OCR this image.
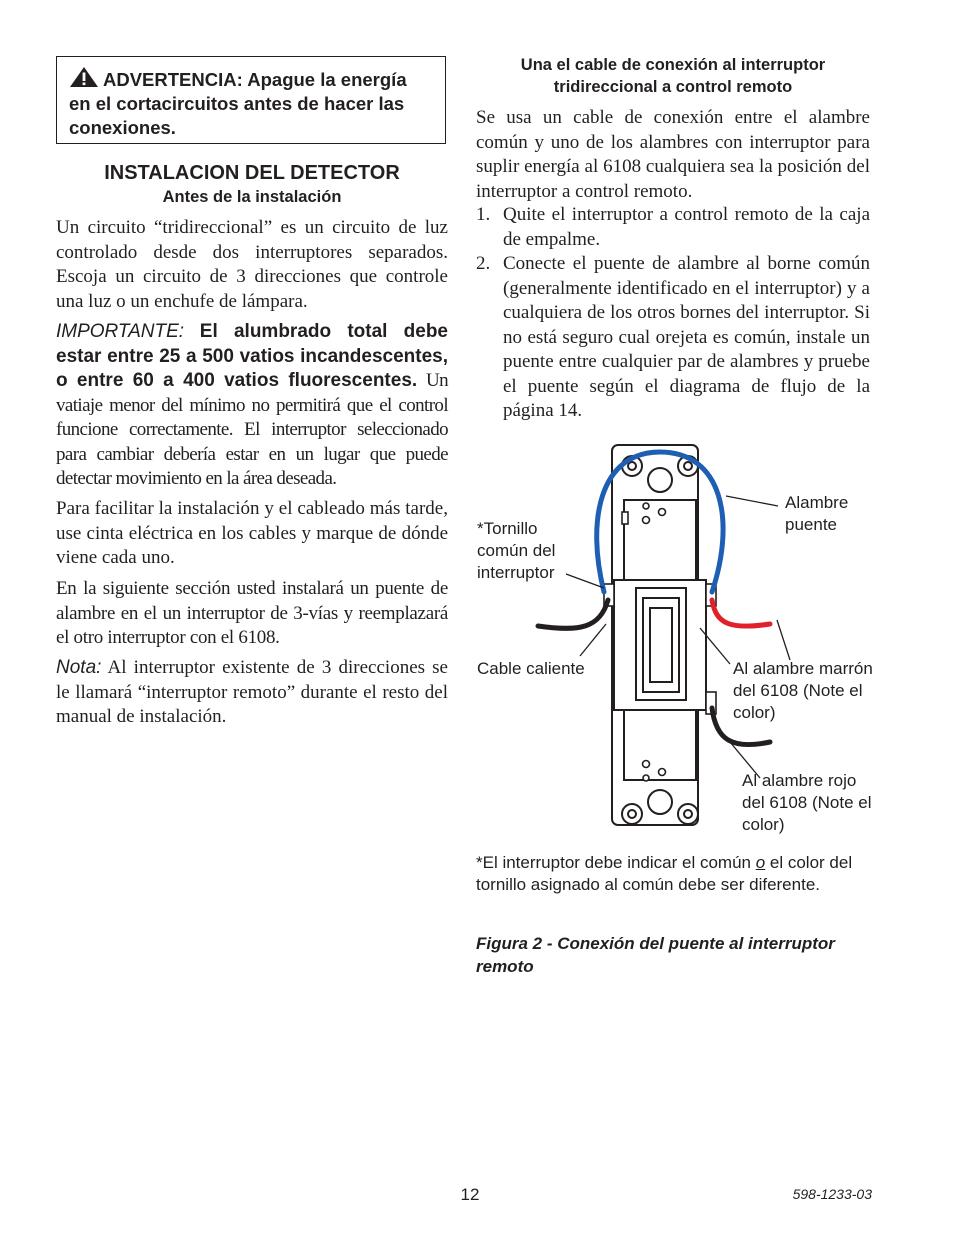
ADVERTENCIA: Apague la energía en el cortacircuitos antes de hacer las conexiones.
INSTALACION DEL DETECTOR
Antes de la instalación

Un circuito “tridireccional” es un circuito de luz controlado desde dos interruptores separados. Escoja un circuito de 3 direcciones que controle una luz o un enchufe de lámpara.

IMPORTANTE: El alumbrado total debe estar entre 25 a 500 vatios incandescentes, o entre 60 a 400 vatios fluorescentes. Un vatiaje menor del mínimo no permitirá que el control funcione correctamente. El interruptor seleccionado para cambiar debería estar en un lugar que puede detectar movimiento en la área deseada.

Para facilitar la instalación y el cableado más tarde, use cinta eléctrica en los cables y marque de dónde viene cada uno.

En la siguiente sección usted instalará un puente de alambre en el un interruptor de 3-vías y reemplazará el otro interruptor con el 6108.

Nota: Al interruptor existente de 3 direcciones se le llamará “interruptor remoto” durante el resto del manual de instalación.

Una el cable de conexión al interruptor tridireccional a control remoto

Se usa un cable de conexión entre el alambre común y uno de los alambres con interruptor para suplir energía al 6108 cualquiera sea la posición del interruptor a control remoto.

1. Quite el interruptor a control remoto de la caja de empalme.
2. Conecte el puente de alambre al borne común (generalmente identificado en el interruptor) y a cualquiera de los otros bornes del interruptor. Si no está seguro cual orejeta es común, instale un puente entre cualquier par de alambres y pruebe el puente según el diagrama de flujo de la página 14.
*Tornillo común del interruptor
Alambre puente
Cable caliente	Al alambre marrón del 6108 (Note el color)
Al alambre rojo del 6108 (Note el color)
*El interruptor debe indicar el común o el color del tornillo asignado al común debe ser diferente.
Figura 2 - Conexión del puente al interruptor remoto
12	598-1233-03
